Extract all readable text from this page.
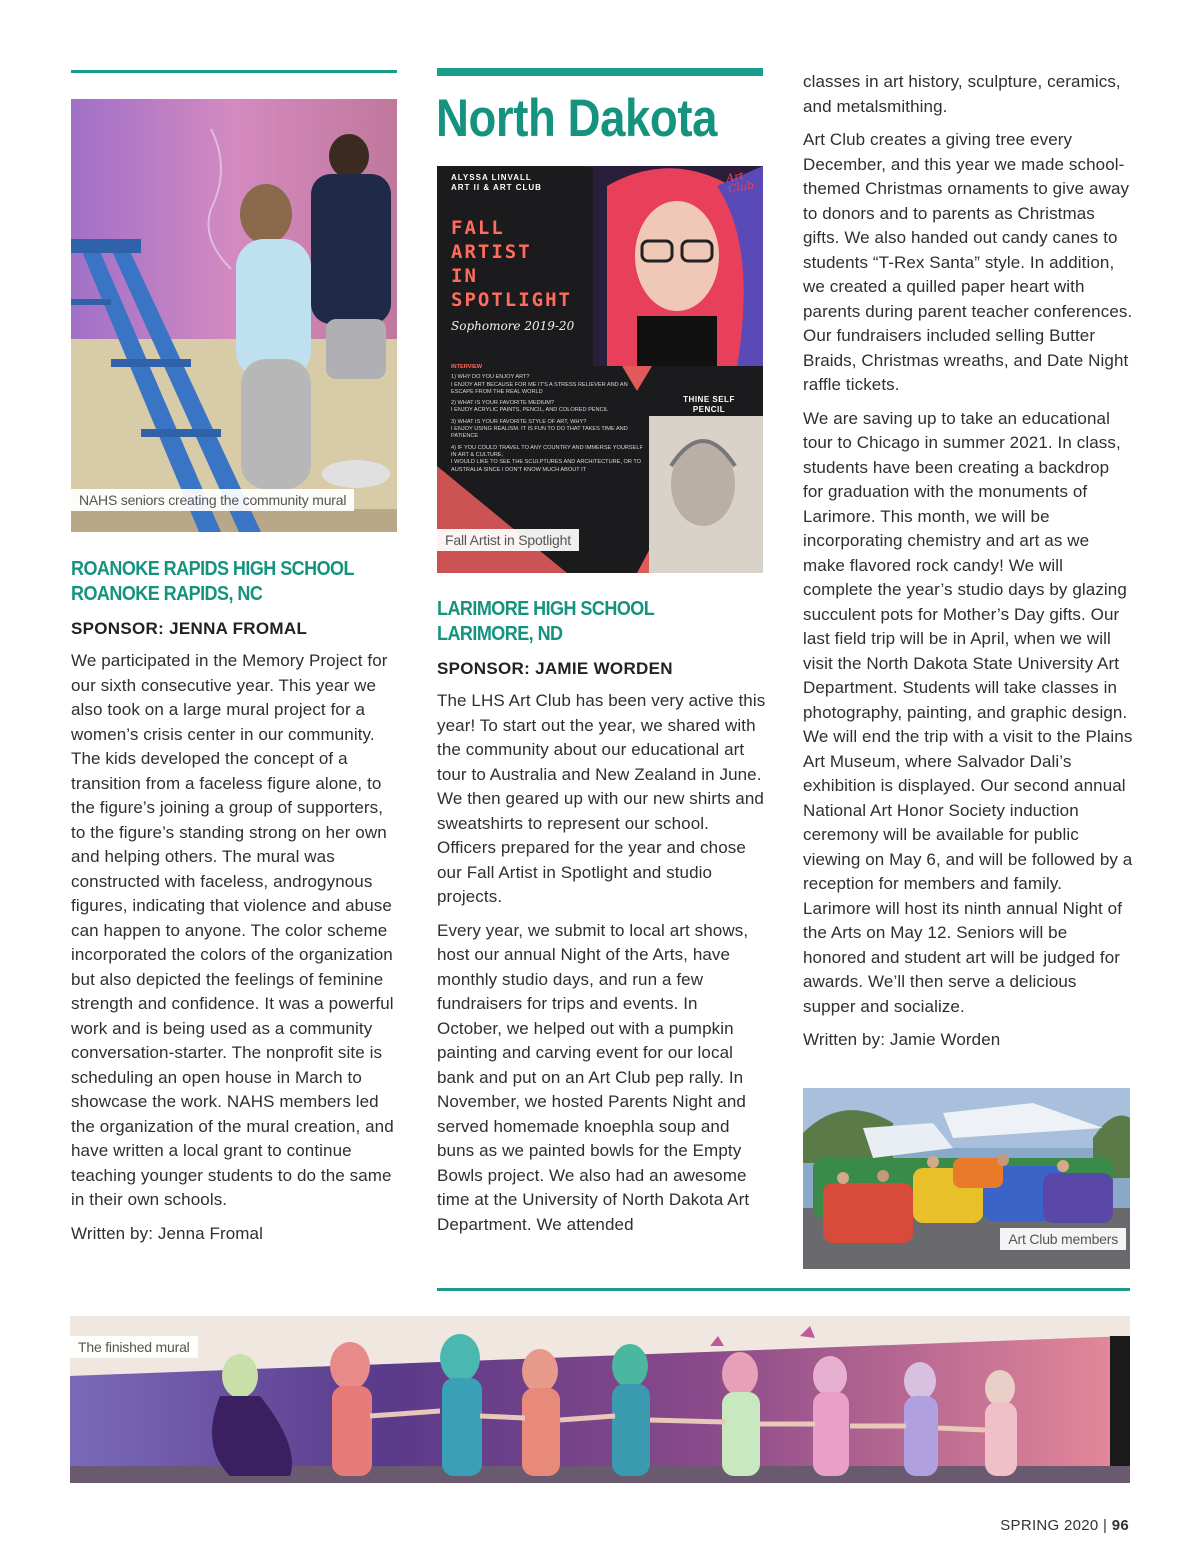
NAHS seniors creating the community mural
ROANOKE RAPIDS HIGH SCHOOL
ROANOKE RAPIDS, NC
SPONSOR: JENNA FROMAL

We participated in the Memory Project for our sixth consecutive year. This year we also took on a large mural project for a women’s crisis center in our community. The kids developed the concept of a transition from a faceless figure alone, to the figure’s joining a group of supporters, to the figure’s standing strong on her own and helping others. The mural was constructed with faceless, androgynous figures, indicating that violence and abuse can happen to anyone. The color scheme incorporated the colors of the organization but also depicted the feelings of feminine strength and confidence. It was a powerful work and is being used as a community conversation-starter. The nonprofit site is scheduling an open house in March to showcase the work. NAHS members led the organization of the mural creation, and have written a local grant to continue teaching younger students to do the same in their own schools.

Written by: Jenna Fromal

North Dakota
Art Club
ALYSSA LINVALL
ART II & ART CLUB
FALL
ARTIST
IN
SPOTLIGHT
Sophomore 2019-20
INTERVIEW
1) WHY DO YOU ENJOY ART?
I ENJOY ART BECAUSE FOR ME IT'S A STRESS RELIEVER AND AN ESCAPE FROM THE REAL WORLD
2) WHAT IS YOUR FAVORITE MEDIUM?
I ENJOY ACRYLIC PAINTS, PENCIL, AND COLORED PENCIL
3) WHAT IS YOUR FAVORITE STYLE OF ART, WHY?
I ENJOY USING REALISM. IT IS FUN TO DO THAT TAKES TIME AND PATIENCE
4) IF YOU COULD TRAVEL TO ANY COUNTRY AND IMMERSE YOURSELF IN ART & CULTURE,
I WOULD LIKE TO SEE THE SCULPTURES AND ARCHITECTURE, OR TO AUSTRALIA SINCE I DON'T KNOW MUCH ABOUT IT
THINE SELF
PENCIL
Fall Artist in Spotlight
LARIMORE HIGH SCHOOL
LARIMORE, ND
SPONSOR: JAMIE WORDEN

The LHS Art Club has been very active this year! To start out the year, we shared with the community about our educational art tour to Australia and New Zealand in June. We then geared up with our new shirts and sweatshirts to represent our school. Officers prepared for the year and chose our Fall Artist in Spotlight and studio projects.

Every year, we submit to local art shows, host our annual Night of the Arts, have monthly studio days, and run a few fundraisers for trips and events. In October, we helped out with a pumpkin painting and carving event for our local bank and put on an Art Club pep rally. In November, we hosted Parents Night and served homemade knoephla soup and buns as we painted bowls for the Empty Bowls project. We also had an awesome time at the University of North Dakota Art Department. We attended

classes in art history, sculpture, ceramics, and metalsmithing.

Art Club creates a giving tree every December, and this year we made school-themed Christmas ornaments to give away to donors and to parents as Christmas gifts. We also handed out candy canes to students “T-Rex Santa” style. In addition, we created a quilled paper heart with parents during parent teacher conferences. Our fundraisers included selling Butter Braids, Christmas wreaths, and Date Night raffle tickets.

We are saving up to take an educational tour to Chicago in summer 2021. In class, students have been creating a backdrop for graduation with the monuments of Larimore. This month, we will be incorporating chemistry and art as we make flavored rock candy! We will complete the year’s studio days by glazing succulent pots for Mother’s Day gifts. Our last field trip will be in April, when we will visit the North Dakota State University Art Department. Students will take classes in photography, painting, and graphic design. We will end the trip with a visit to the Plains Art Museum, where Salvador Dali’s exhibition is displayed. Our second annual National Art Honor Society induction ceremony will be available for public viewing on May 6, and will be followed by a reception for members and family. Larimore will host its ninth annual Night of the Arts on May 12. Seniors will be honored and student art will be judged for awards. We’ll then serve a delicious supper and socialize.

Written by: Jamie Worden

Art Club members
The finished mural
SPRING 2020 | 96
